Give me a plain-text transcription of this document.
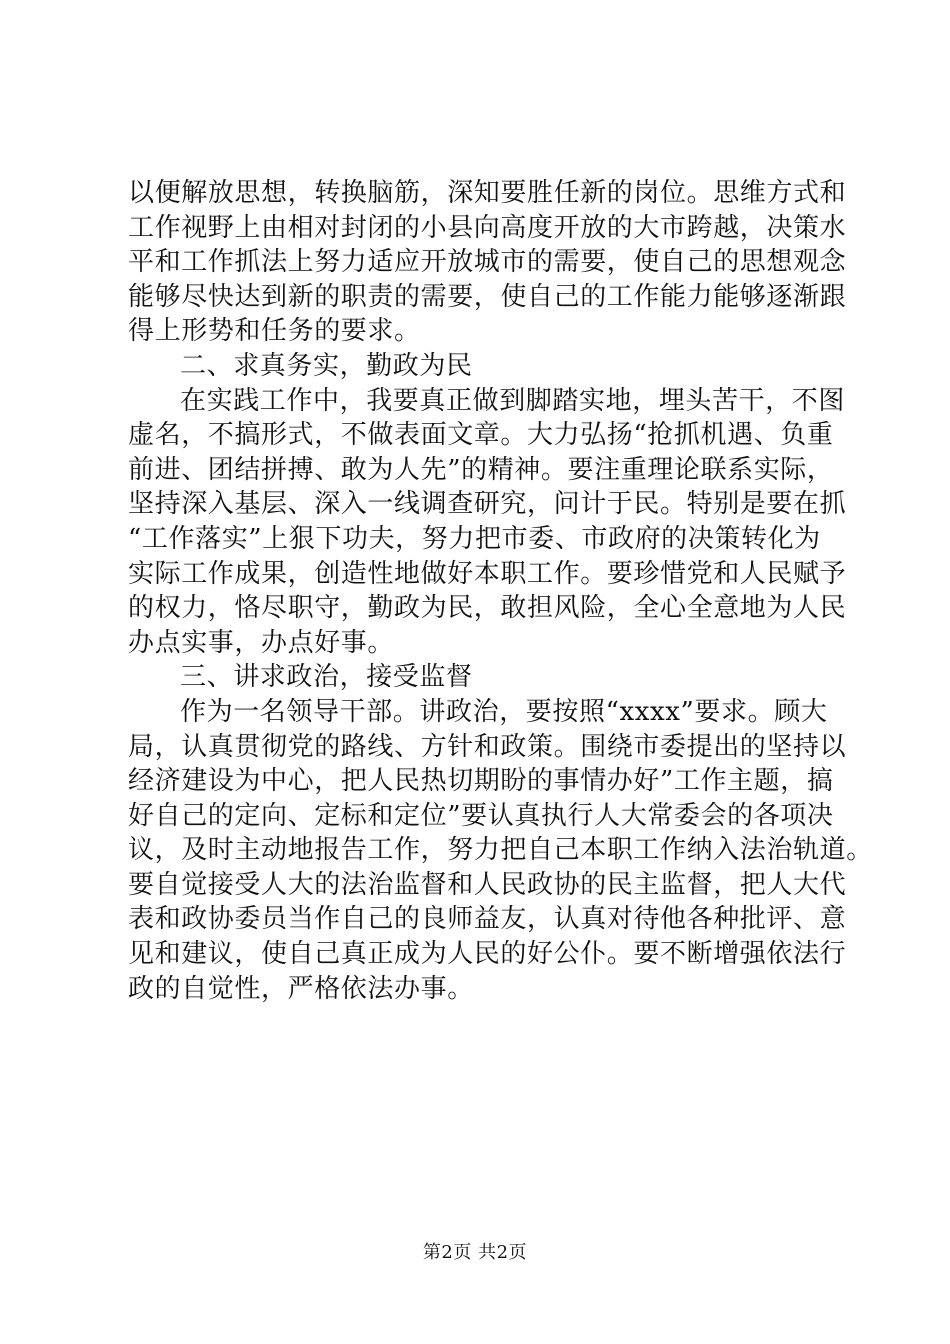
以便解放思想，转换脑筋，深知要胜任新的岗位。思维方式和
工作视野上由相对封闭的小县向高度开放的大市跨越，决策水
平和工作抓法上努力适应开放城市的需要，使自己的思想观念
能够尽快达到新的职责的需要，使自己的工作能力能够逐渐跟
得上形势和任务的要求。
二、求真务实，勤政为民
在实践工作中，我要真正做到脚踏实地，埋头苦干，不图
虚名，不搞形式，不做表面文章。大力弘扬“抢抓机遇、负重
前进、团结拼搏、敢为人先”的精神。要注重理论联系实际，
坚持深入基层、深入一线调查研究，问计于民。特别是要在抓
“工作落实”上狠下功夫，努力把市委、市政府的决策转化为
实际工作成果，创造性地做好本职工作。要珍惜党和人民赋予
的权力，恪尽职守，勤政为民，敢担风险，全心全意地为人民
办点实事，办点好事。
三、讲求政治，接受监督
作为一名领导干部。讲政治，要按照“xxxx”要求。顾大
局，认真贯彻党的路线、方针和政策。围绕市委提出的坚持以
经济建设为中心，把人民热切期盼的事情办好”工作主题，搞
好自己的定向、定标和定位”要认真执行人大常委会的各项决
议，及时主动地报告工作，努力把自己本职工作纳入法治轨道。
要自觉接受人大的法治监督和人民政协的民主监督，把人大代
表和政协委员当作自己的良师益友，认真对待他各种批评、意
见和建议，使自己真正成为人民的好公仆。要不断增强依法行
政的自觉性，严格依法办事。
第2页 共2页
